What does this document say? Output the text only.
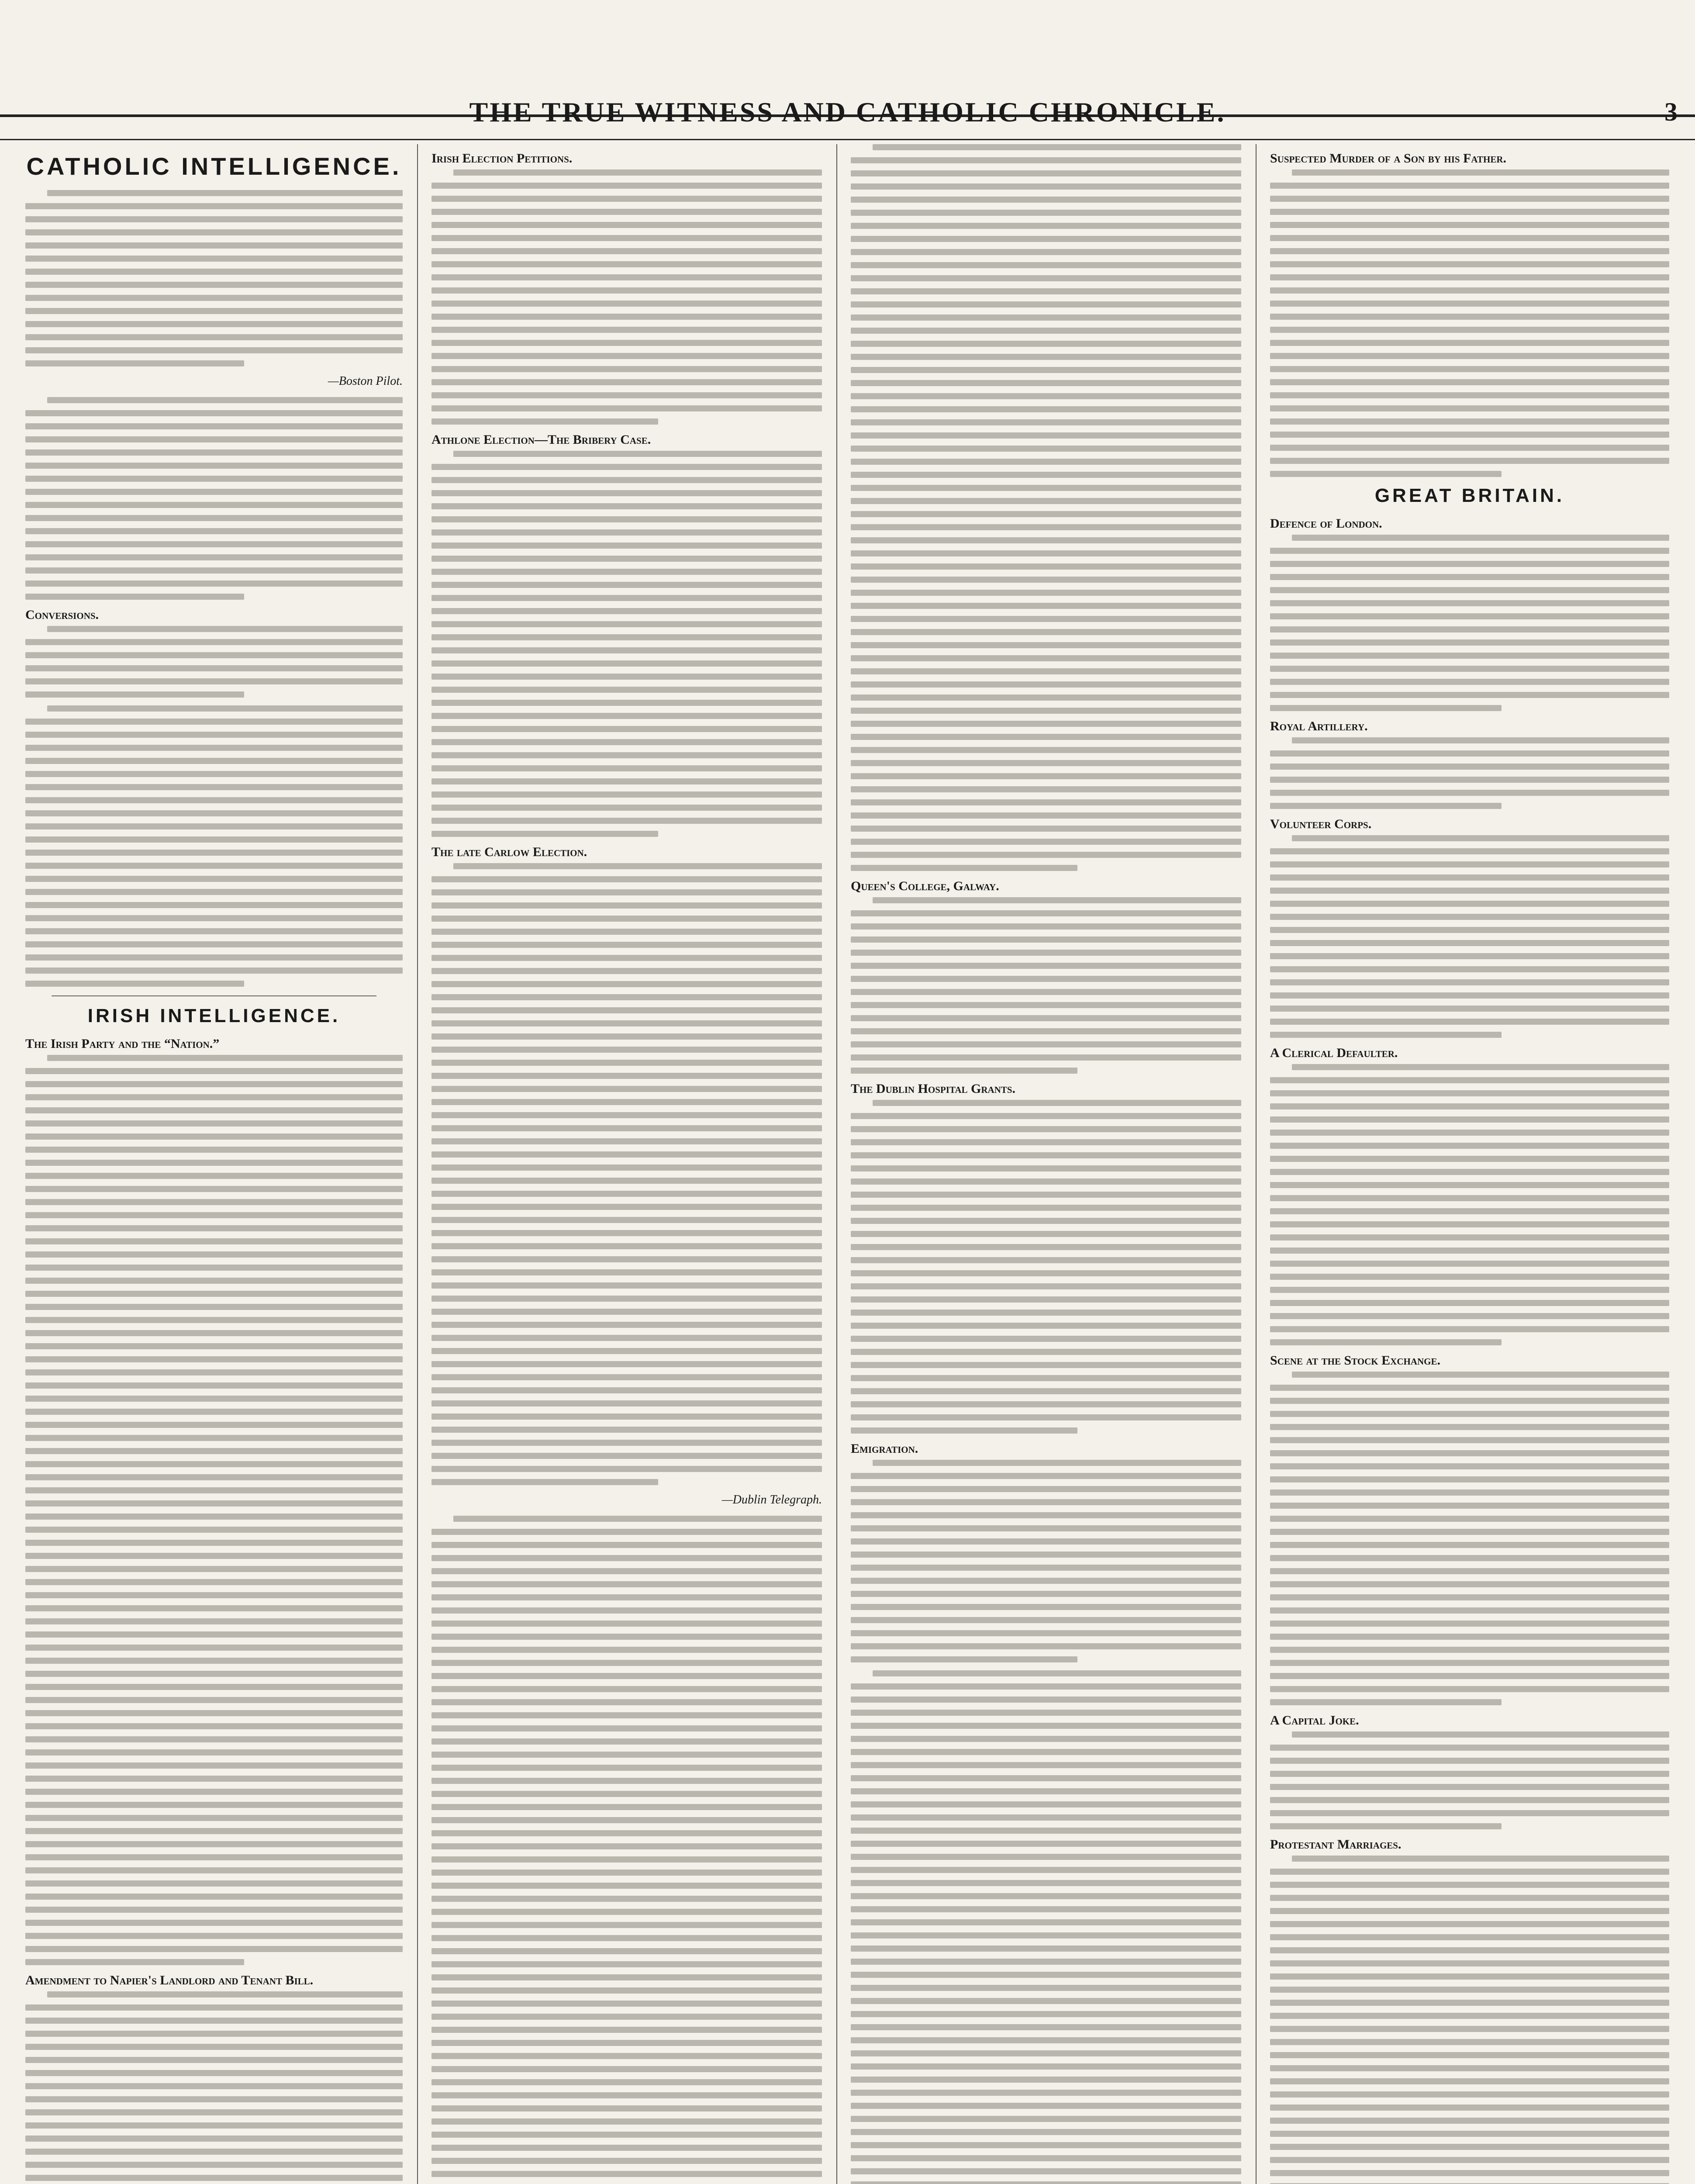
THE TRUE WITNESS AND CATHOLIC CHRONICLE.	3
CATHOLIC INTELLIGENCE.
—Boston Pilot.
Conversions.
IRISH INTELLIGENCE.
The Irish Party and the “Nation.”
Amendment to Napier's Landlord and Tenant Bill.
Irish Election Petitions.
Athlone Election—The Bribery Case.
The late Carlow Election.
—Dublin Telegraph.
Queen's College, Galway.
The Dublin Hospital Grants.
Emigration.
Suspected Murder of a Son by his Father.
GREAT BRITAIN.
Defence of London.
Royal Artillery.
Volunteer Corps.
A Clerical Defaulter.
Scene at the Stock Exchange.
A Capital Joke.
Protestant Marriages.
